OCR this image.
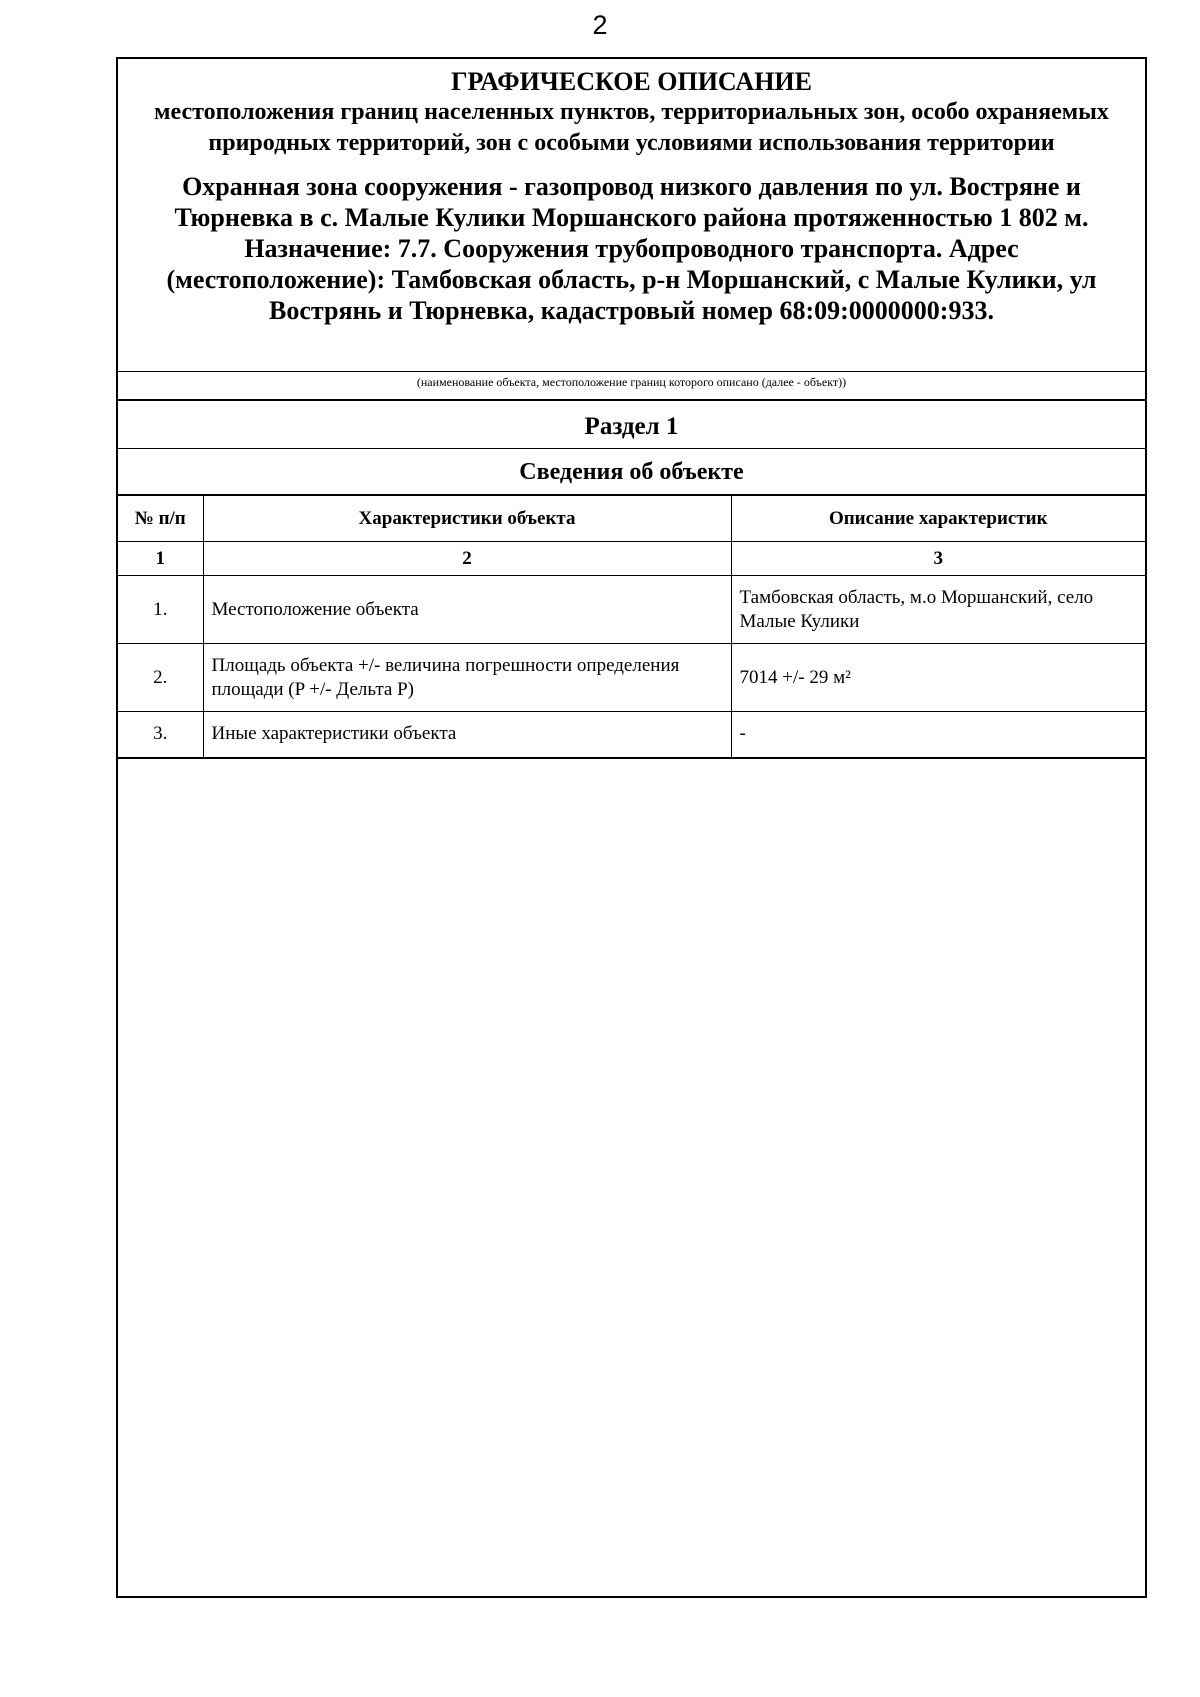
2
ГРАФИЧЕСКОЕ ОПИСАНИЕ
местоположения границ населенных пунктов, территориальных зон, особо охраняемых природных территорий, зон с особыми условиями использования территории
Охранная зона сооружения - газопровод низкого давления по ул. Востряне и Тюрневка в с. Малые Кулики Моршанского района протяженностью 1 802 м. Назначение: 7.7. Сооружения трубопроводного транспорта. Адрес (местоположение): Тамбовская область, р-н Моршанский, с Малые Кулики, ул Вострянь и Тюрневка, кадастровый номер 68:09:0000000:933.
(наименование объекта, местоположение границ которого описано (далее - объект))
Раздел 1
Сведения об объекте
№ п/п	Характеристики объекта	Описание характеристик
1	2	3
1.	Местоположение объекта	Тамбовская область, м.о Моршанский, село Малые Кулики
2.	Площадь объекта +/- величина погрешности определения площади (P +/- Дельта P)	7014 +/- 29 м²
3.	Иные характеристики объекта	-
